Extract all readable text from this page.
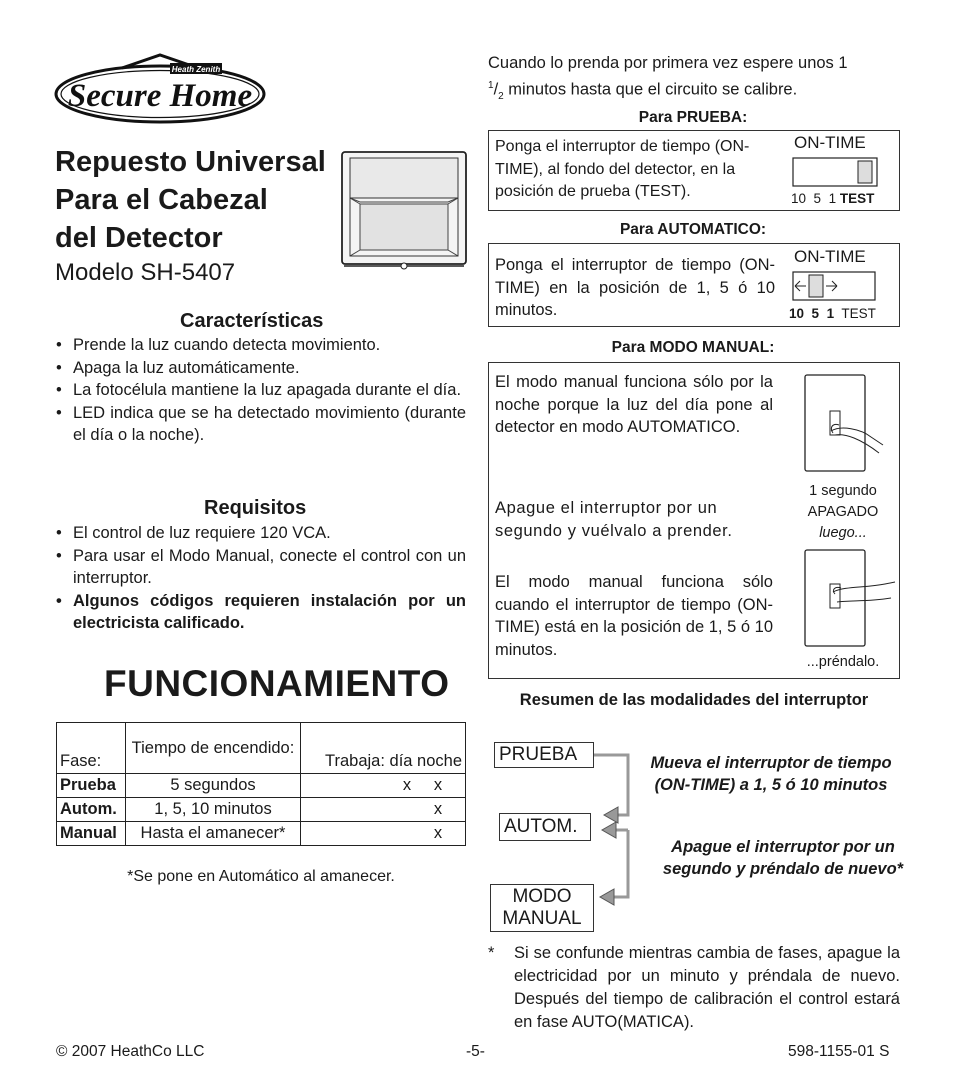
Heath Zenith
Secure Home
Repuesto Universal
Para el Cabezal
del Detector
Modelo SH-5407
Características
• Prende la luz cuando detecta movimiento.
• Apaga la luz automáticamente.
• La fotocélula mantiene la luz apagada durante el día.
• LED indica que se ha detectado movimiento (durante el día o la noche).
Requisitos
• El control de luz requiere 120 VCA.
• Para usar el Modo Manual, conecte el control con un interruptor.
• Algunos códigos requieren instalación por un electricista calificado.
FUNCIONAMIENTO
Fase:	Tiempo de encendido:	Trabaja: día noche
Prueba	5 segundos	x x
Autom.	1, 5, 10 minutos	x
Manual	Hasta el amanecer*	x
*Se pone en Automático al amanecer.
Cuando lo prenda por primera vez espere unos 1
$^1/_2$ minutos hasta que el circuito se calibre.
Para PRUEBA:
Ponga el interruptor de tiempo (ON-TIME), al fondo del detector, en la posición de prueba (TEST).
ON-TIME
10 5 1 TEST
Para AUTOMATICO:
Ponga el interruptor de tiempo (ON-TIME) en la posición de 1, 5 ó 10 minutos.
ON-TIME
10 5 1 TEST
Para MODO MANUAL:
El modo manual funciona sólo por la noche porque la luz del día pone al detector en modo AUTOMATICO.
Apague el interruptor por un segundo y vuélvalo a prender.
El modo manual funciona sólo cuando el interruptor de tiempo (ON-TIME) está en la posición de 1, 5 ó 10 minutos.
1 segundo
APAGADO
luego...
...préndalo.
Resumen de las modalidades del interruptor
PRUEBA
AUTOM.
MODO MANUAL
Mueva el interruptor de tiempo (ON-TIME) a 1, 5 ó 10 minutos
Apague el interruptor por un segundo y préndalo de nuevo*
*	Si se confunde mientras cambia de fases, apague la electricidad por un minuto y préndala de nuevo. Después del tiempo de calibración el control estará en fase AUTO(MATICA).
© 2007 HeathCo LLC	-5-	598-1155-01 S
